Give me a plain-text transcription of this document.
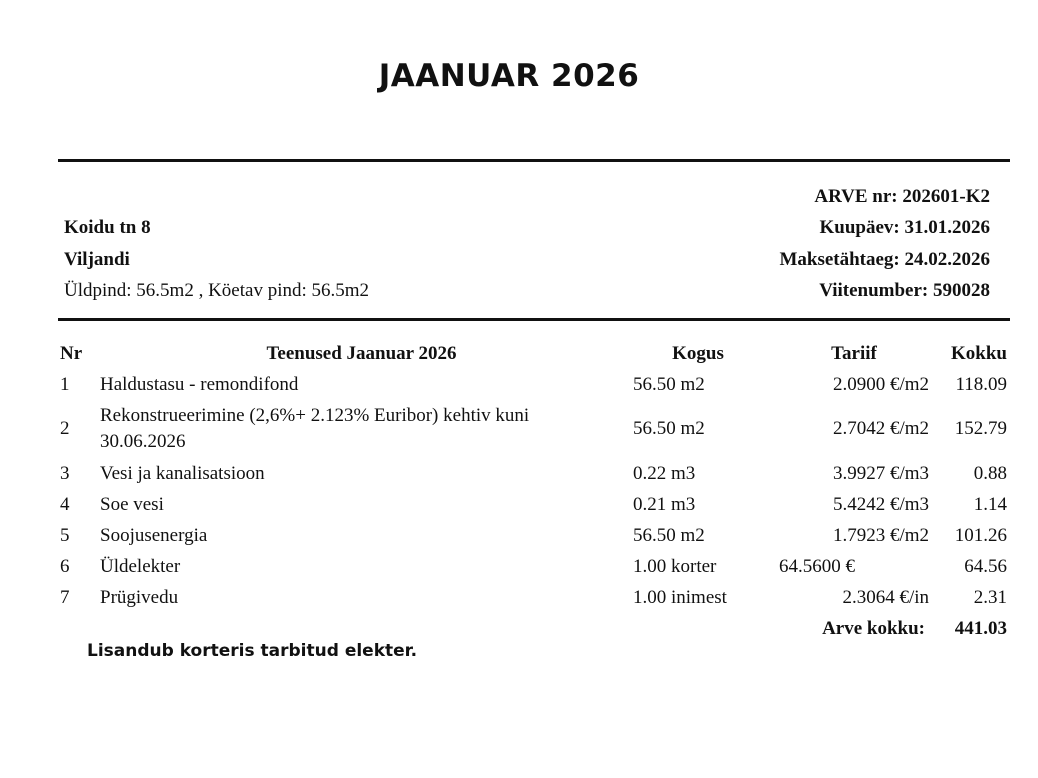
JAANUAR 2026
ARVE nr: 202601-K2
Koidu tn 8	Kuupäev: 31.01.2026
Viljandi	Maksetähtaeg: 24.02.2026
Üldpind: 56.5m2 , Köetav pind: 56.5m2	Viitenumber: 590028
Nr	Teenused Jaanuar 2026	Kogus	Tariif	Kokku
1	Haldustasu - remondifond	56.50 m2	2.0900 €/m2	118.09
2	Rekonstrueerimine (2,6%+ 2.123% Euribor) kehtiv kuni 30.06.2026	56.50 m2	2.7042 €/m2	152.79
3	Vesi ja kanalisatsioon	0.22 m3	3.9927 €/m3	0.88
4	Soe vesi	0.21 m3	5.4242 €/m3	1.14
5	Soojusenergia	56.50 m2	1.7923 €/m2	101.26
6	Üldelekter	1.00 korter	64.5600 €	64.56
7	Prügivedu	1.00 inimest	2.3064 €/in	2.31
Arve kokku:				441.03
Lisandub korteris tarbitud elekter.
